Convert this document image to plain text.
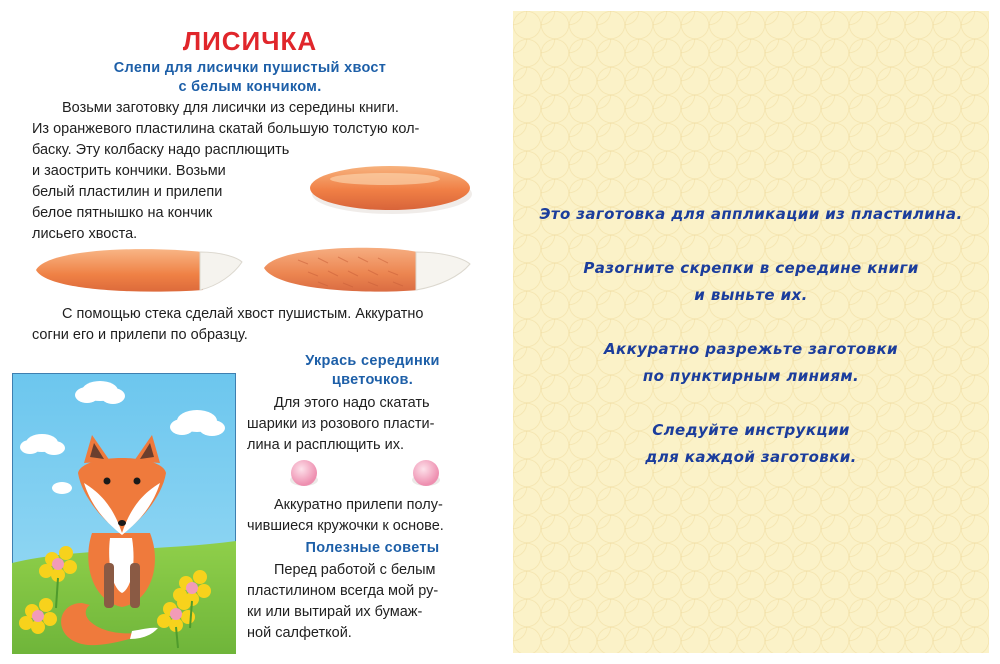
ЛИСИЧКА
Слепи для лисички пушистый хвост
с белым кончиком.

Возьми заготовку для лисички из середины книги.

Из оранжевого пластилина скатай большую толстую кол-

баску. Эту колбаску надо расплющить

и заострить кончики. Возьми

белый пластилин и прилепи

белое пятнышко на кончик

лисьего хвоста.

С помощью стека сделай хвост пушистым. Аккуратно

согни его и прилепи по образцу.

Укрась серединки
цветочков.

Для этого надо скатать

шарики из розового пласти-

лина и расплющить их.

Аккуратно прилепи полу-

чившиеся кружочки к основе.

Полезные советы

Перед работой с белым

пластилином всегда мой ру-

ки или вытирай их бумаж-

ной салфеткой.

Это заготовка для аппликации из пластилина.
Разогните скрепки в середине книги
и выньте их.
Аккуратно разрежьте заготовки
по пунктирным линиям.
Следуйте инструкции
для каждой заготовки.
